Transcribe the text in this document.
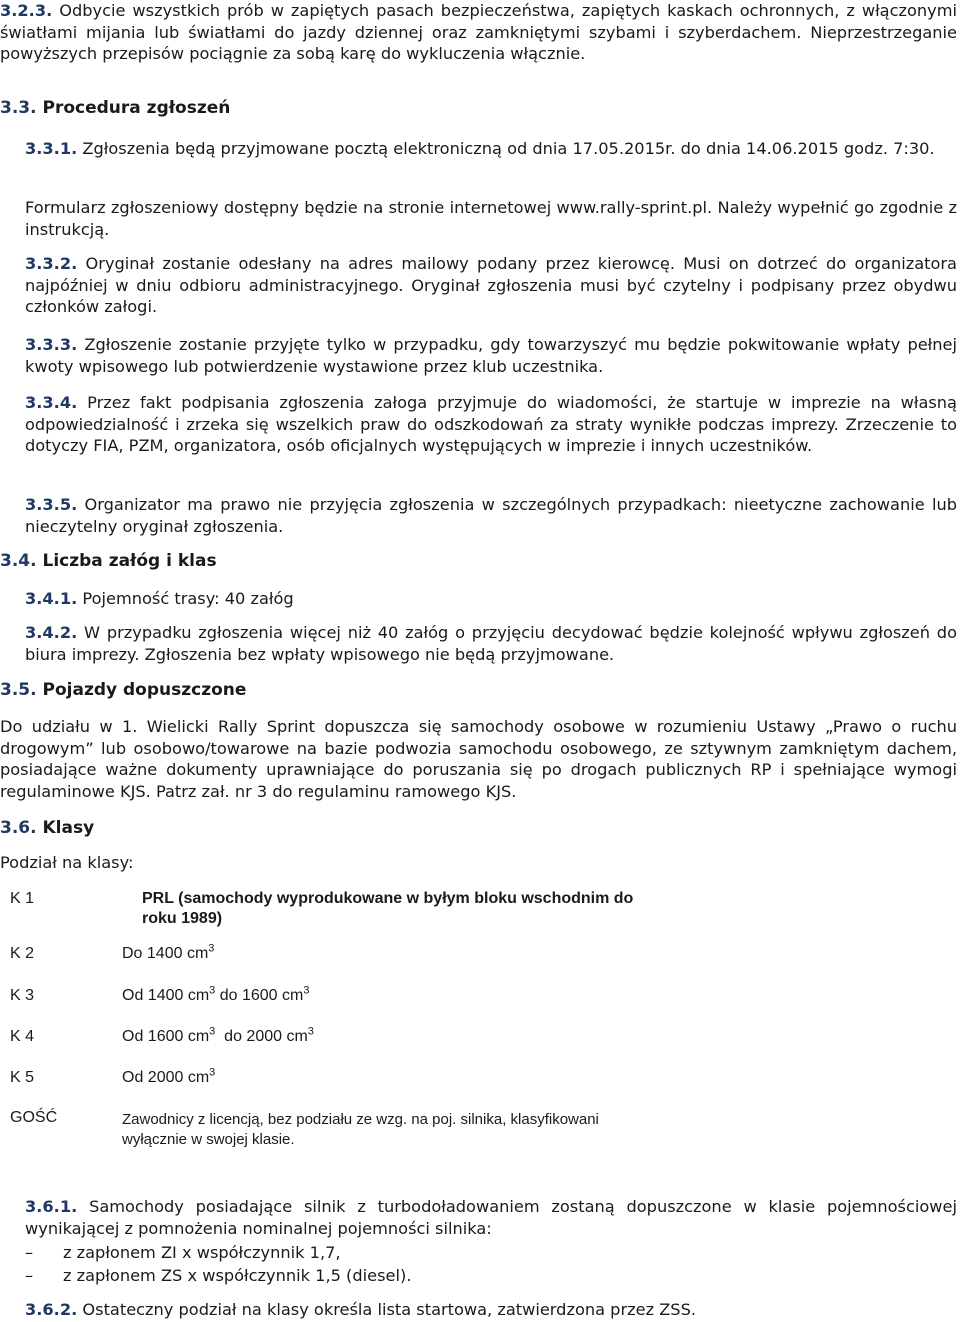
3.2.3. Odbycie wszystkich prób w zapiętych pasach bezpieczeństwa, zapiętych kaskach ochronnych, z włączonymi światłami mijania lub światłami do jazdy dziennej oraz zamkniętymi szybami i szyberdachem. Nieprzestrzeganie powyższych przepisów pociągnie za sobą karę do wykluczenia włącznie.

3.3. Procedura zgłoszeń

3.3.1. Zgłoszenia będą przyjmowane pocztą elektroniczną od dnia 17.05.2015r. do dnia 14.06.2015 godz. 7:30.

Formularz zgłoszeniowy dostępny będzie na stronie internetowej www.rally-sprint.pl. Należy wypełnić go zgodnie z instrukcją.

3.3.2. Oryginał zostanie odesłany na adres mailowy podany przez kierowcę. Musi on dotrzeć do organizatora najpóźniej w dniu odbioru administracyjnego. Oryginał zgłoszenia musi być czytelny i podpisany przez obydwu członków załogi.

3.3.3. Zgłoszenie zostanie przyjęte tylko w przypadku, gdy towarzyszyć mu będzie pokwitowanie wpłaty pełnej kwoty wpisowego lub potwierdzenie wystawione przez klub uczestnika.

3.3.4. Przez fakt podpisania zgłoszenia załoga przyjmuje do wiadomości, że startuje w imprezie na własną odpowiedzialność i zrzeka się wszelkich praw do odszkodowań za straty wynikłe podczas imprezy. Zrzeczenie to dotyczy FIA, PZM, organizatora, osób oficjalnych występujących w imprezie i innych uczestników.

3.3.5. Organizator ma prawo nie przyjęcia zgłoszenia w szczególnych przypadkach: nieetyczne zachowanie lub nieczytelny oryginał zgłoszenia.

3.4. Liczba załóg i klas
3.4.1. Pojemność trasy: 40 załóg

3.4.2. W przypadku zgłoszenia więcej niż 40 załóg o przyjęciu decydować będzie kolejność wpływu zgłoszeń do biura imprezy. Zgłoszenia bez wpłaty wpisowego nie będą przyjmowane.

3.5. Pojazdy dopuszczone

Do udziału w 1. Wielicki Rally Sprint dopuszcza się samochody osobowe w rozumieniu Ustawy „Prawo o ruchu drogowym” lub osobowo/towarowe na bazie podwozia samochodu osobowego, ze sztywnym zamkniętym dachem, posiadające ważne dokumenty uprawniające do poruszania się po drogach publicznych RP i spełniające wymogi regulaminowe KJS. Patrz zał. nr 3 do regulaminu ramowego KJS.

3.6. Klasy
Podział na klasy:
K 1	PRL (samochody wyprodukowane w byłym bloku wschodnim do roku 1989)
K 2	Do 1400 $cm^3$
K 3	Od 1400 $cm^3$ do 1600 $cm^3$
K 4	Od 1600 $cm^3$  do 2000 $cm^3$
K 5	Od 2000 $cm^3$
GOŚĆ	Zawodnicy z licencją, bez podziału ze wzg. na poj. silnika, klasyfikowani wyłącznie w swojej klasie.

3.6.1. Samochody posiadające silnik z turbodoładowaniem zostaną dopuszczone w klasie pojemnościowej wynikającej z pomnożenia nominalnej pojemności silnika:

– z zapłonem ZI x współczynnik 1,7,
– z zapłonem ZS x współczynnik 1,5 (diesel).
3.6.2. Ostateczny podział na klasy określa lista startowa, zatwierdzona przez ZSS.
